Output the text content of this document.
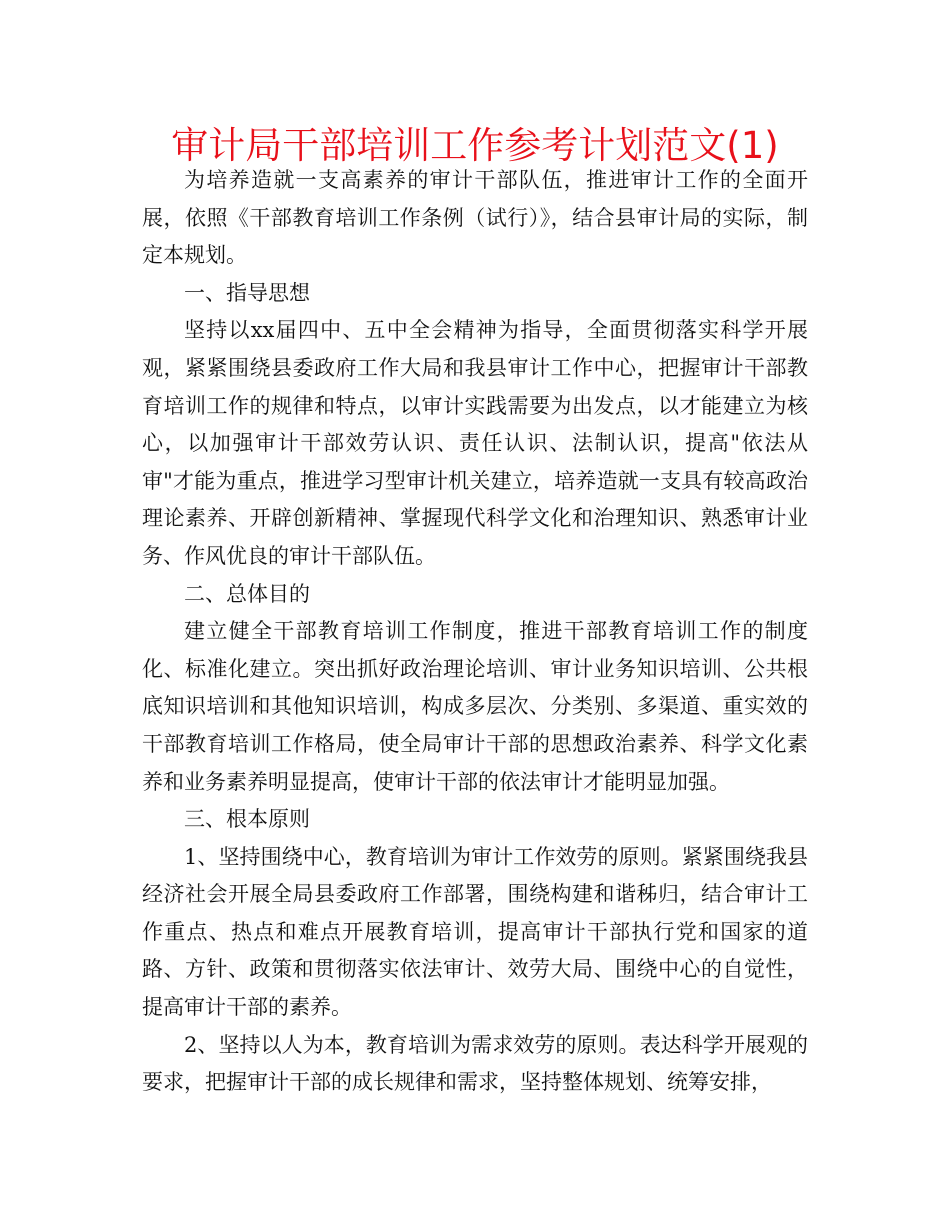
审计局干部培训工作参考计划范文(1)

为培养造就一支高素养的审计干部队伍，推进审计工作的全面开展，依照《干部教育培训工作条例（试行）》，结合县审计局的实际，制定本规划。

一、指导思想

坚持以xx届四中、五中全会精神为指导，全面贯彻落实科学开展观，紧紧围绕县委政府工作大局和我县审计工作中心，把握审计干部教育培训工作的规律和特点，以审计实践需要为出发点，以才能建立为核心，以加强审计干部效劳认识、责任认识、法制认识，提高"依法从审"才能为重点，推进学习型审计机关建立，培养造就一支具有较高政治理论素养、开辟创新精神、掌握现代科学文化和治理知识、熟悉审计业务、作风优良的审计干部队伍。

二、总体目的

建立健全干部教育培训工作制度，推进干部教育培训工作的制度化、标准化建立。突出抓好政治理论培训、审计业务知识培训、公共根底知识培训和其他知识培训，构成多层次、分类别、多渠道、重实效的干部教育培训工作格局，使全局审计干部的思想政治素养、科学文化素养和业务素养明显提高，使审计干部的依法审计才能明显加强。

三、根本原则

1、坚持围绕中心，教育培训为审计工作效劳的原则。紧紧围绕我县经济社会开展全局县委政府工作部署，围绕构建和谐秭归，结合审计工作重点、热点和难点开展教育培训，提高审计干部执行党和国家的道路、方针、政策和贯彻落实依法审计、效劳大局、围绕中心的自觉性，提高审计干部的素养。

2、坚持以人为本，教育培训为需求效劳的原则。表达科学开展观的要求，把握审计干部的成长规律和需求，坚持整体规划、统筹安排，
